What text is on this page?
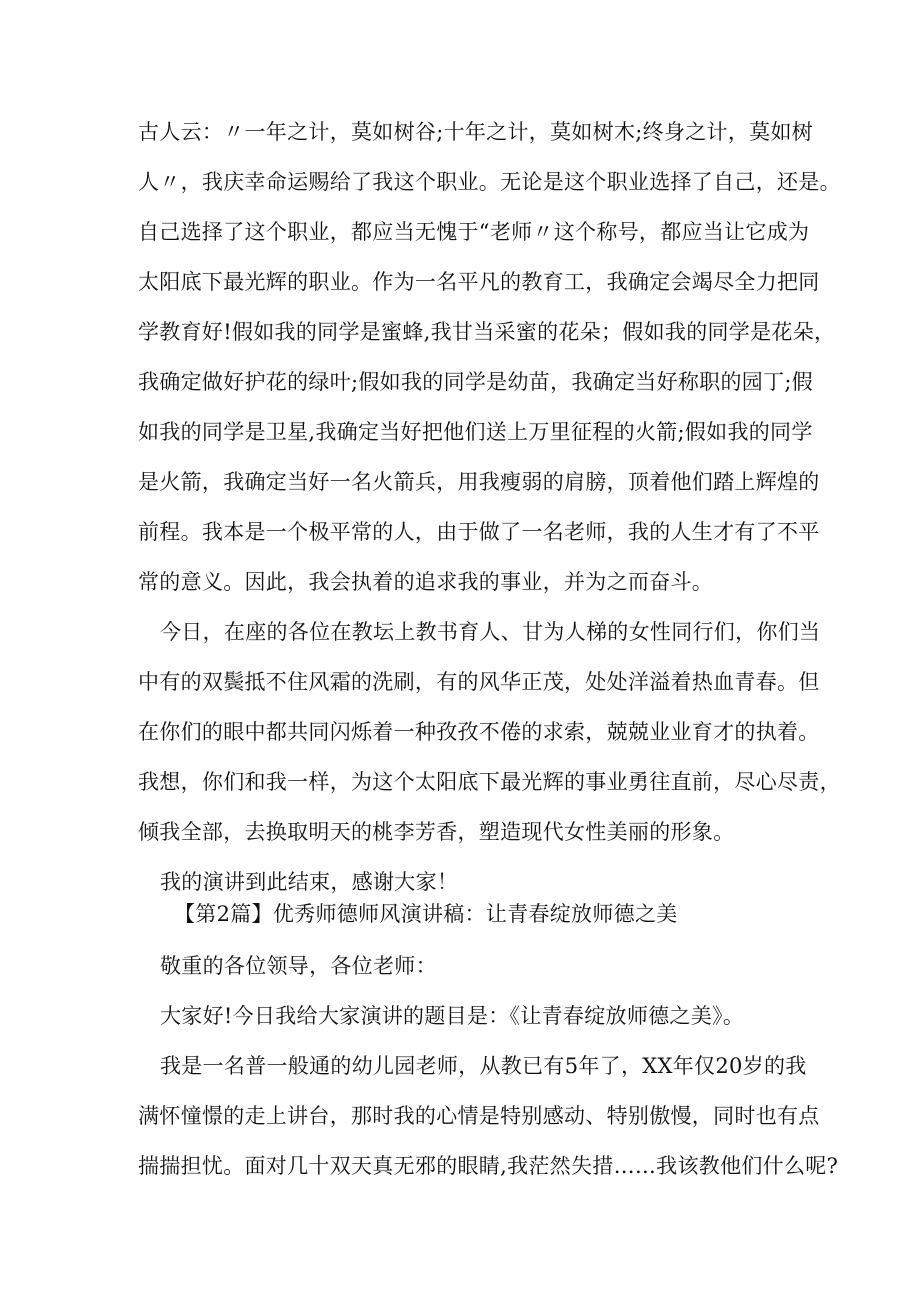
古人云：〃一年之计，莫如树谷;十年之计，莫如树木;终身之计，莫如树
人〃，我庆幸命运赐给了我这个职业。无论是这个职业选择了自己，还是。
自己选择了这个职业，都应当无愧于“老师〃这个称号，都应当让它成为
太阳底下最光辉的职业。作为一名平凡的教育工，我确定会竭尽全力把同
学教育好!假如我的同学是蜜蜂,我甘当采蜜的花朵；假如我的同学是花朵，
我确定做好护花的绿叶;假如我的同学是幼苗，我确定当好称职的园丁;假
如我的同学是卫星,我确定当好把他们送上万里征程的火箭;假如我的同学
是火箭，我确定当好一名火箭兵，用我瘦弱的肩膀，顶着他们踏上辉煌的
前程。我本是一个极平常的人，由于做了一名老师，我的人生才有了不平
常的意义。因此，我会执着的追求我的事业，并为之而奋斗。
今日，在座的各位在教坛上教书育人、甘为人梯的女性同行们，你们当
中有的双鬓抵不住风霜的洗刷，有的风华正茂，处处洋溢着热血青春。但
在你们的眼中都共同闪烁着一种孜孜不倦的求索，兢兢业业育才的执着。
我想，你们和我一样，为这个太阳底下最光辉的事业勇往直前，尽心尽责，
倾我全部，去换取明天的桃李芳香，塑造现代女性美丽的形象。
我的演讲到此结束，感谢大家！
【第2篇】优秀师德师风演讲稿：让青春绽放师德之美
敬重的各位领导，各位老师：
大家好!今日我给大家演讲的题目是：《让青春绽放师德之美》。
我是一名普一般通的幼儿园老师，从教已有5年了，XX年仅20岁的我
满怀憧憬的走上讲台，那时我的心情是特别感动、特别傲慢，同时也有点
揣揣担忧。面对几十双天真无邪的眼睛,我茫然失措……我该教他们什么呢?
